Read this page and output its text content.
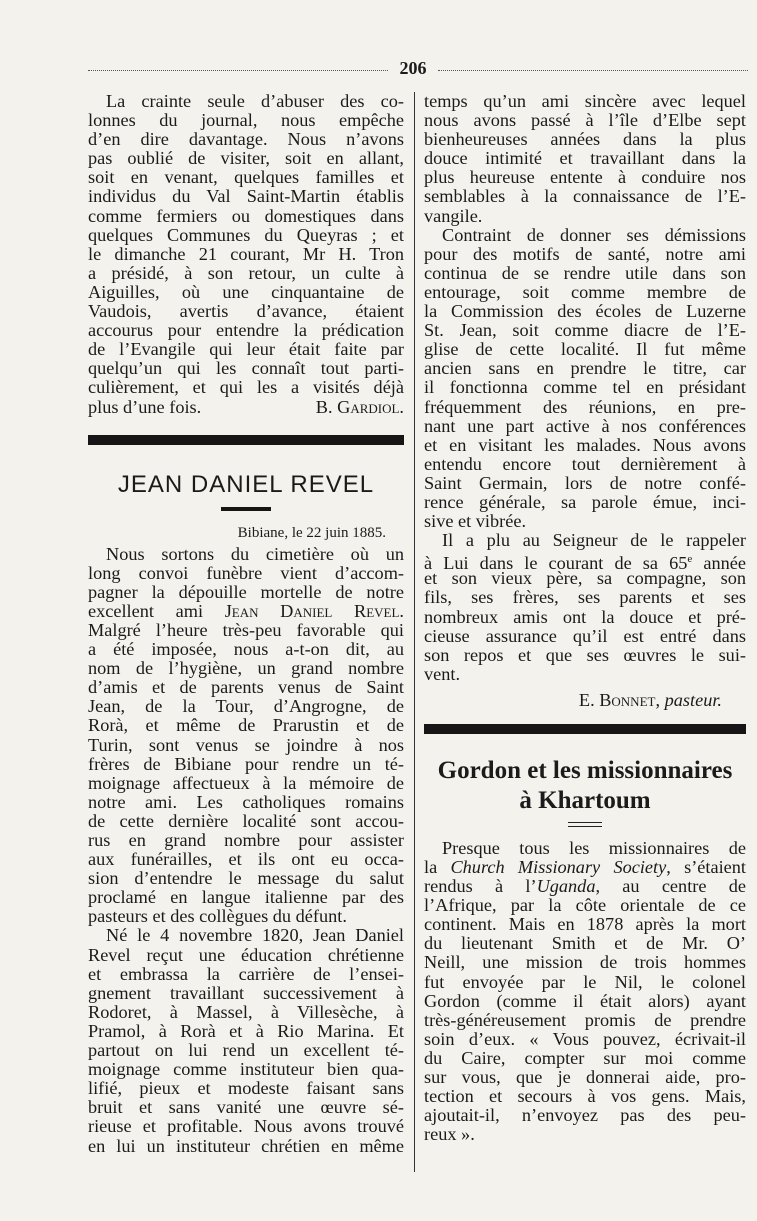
206
La crainte seule d’abuser des co-
lonnes du journal, nous empêche
d’en dire davantage. Nous n’avons
pas oublié de visiter, soit en allant,
soit en venant, quelques familles et
individus du Val Saint-Martin établis
comme fermiers ou domestiques dans
quelques Communes du Queyras ; et
le dimanche 21 courant, Mr H. Tron
a présidé, à son retour, un culte à
Aiguilles, où une cinquantaine de
Vaudois, avertis d’avance, étaient
accourus pour entendre la prédication
de l’Evangile qui leur était faite par
quelqu’un qui les connaît tout parti-
culièrement, et qui les a visités déjà
plus d’une fois.	B. Gardiol.
JEAN DANIEL REVEL
Bibiane, le 22 juin 1885.
Nous sortons du cimetière où un
long convoi funèbre vient d’accom-
pagner la dépouille mortelle de notre
excellent ami Jean Daniel Revel.
Malgré l’heure très-peu favorable qui
a été imposée, nous a-t-on dit, au
nom de l’hygiène, un grand nombre
d’amis et de parents venus de Saint
Jean, de la Tour, d’Angrogne, de
Rorà, et même de Prarustin et de
Turin, sont venus se joindre à nos
frères de Bibiane pour rendre un té-
moignage affectueux à la mémoire de
notre ami. Les catholiques romains
de cette dernière localité sont accou-
rus en grand nombre pour assister
aux funérailles, et ils ont eu occa-
sion d’entendre le message du salut
proclamé en langue italienne par des
pasteurs et des collègues du défunt.
Né le 4 novembre 1820, Jean Daniel
Revel reçut une éducation chrétienne
et embrassa la carrière de l’ensei-
gnement travaillant successivement à
Rodoret, à Massel, à Villesèche, à
Pramol, à Rorà et à Rio Marina. Et
partout on lui rend un excellent té-
moignage comme instituteur bien qua-
lifié, pieux et modeste faisant sans
bruit et sans vanité une œuvre sé-
rieuse et profitable. Nous avons trouvé
en lui un instituteur chrétien en même
temps qu’un ami sincère avec lequel
nous avons passé à l’île d’Elbe sept
bienheureuses années dans la plus
douce intimité et travaillant dans la
plus heureuse entente à conduire nos
semblables à la connaissance de l’E-
vangile.
Contraint de donner ses démissions
pour des motifs de santé, notre ami
continua de se rendre utile dans son
entourage, soit comme membre de
la Commission des écoles de Luzerne
St. Jean, soit comme diacre de l’E-
glise de cette localité. Il fut même
ancien sans en prendre le titre, car
il fonctionna comme tel en présidant
fréquemment des réunions, en pre-
nant une part active à nos conférences
et en visitant les malades. Nous avons
entendu encore tout dernièrement à
Saint Germain, lors de notre confé-
rence générale, sa parole émue, inci-
sive et vibrée.
Il a plu au Seigneur de le rappeler
à Lui dans le courant de sa 65e année
et son vieux père, sa compagne, son
fils, ses frères, ses parents et ses
nombreux amis ont la douce et pré-
cieuse assurance qu’il est entré dans
son repos et que ses œuvres le sui-
vent.
E. Bonnet, pasteur.
Gordon et les missionnaires
à Khartoum
Presque tous les missionnaires de
la Church Missionary Society, s’étaient
rendus à l’Uganda, au centre de
l’Afrique, par la côte orientale de ce
continent. Mais en 1878 après la mort
du lieutenant Smith et de Mr. O’
Neill, une mission de trois hommes
fut envoyée par le Nil, le colonel
Gordon (comme il était alors) ayant
très-généreusement promis de prendre
soin d’eux. « Vous pouvez, écrivait-il
du Caire, compter sur moi comme
sur vous, que je donnerai aide, pro-
tection et secours à vos gens. Mais,
ajoutait-il, n’envoyez pas des peu-
reux ».
